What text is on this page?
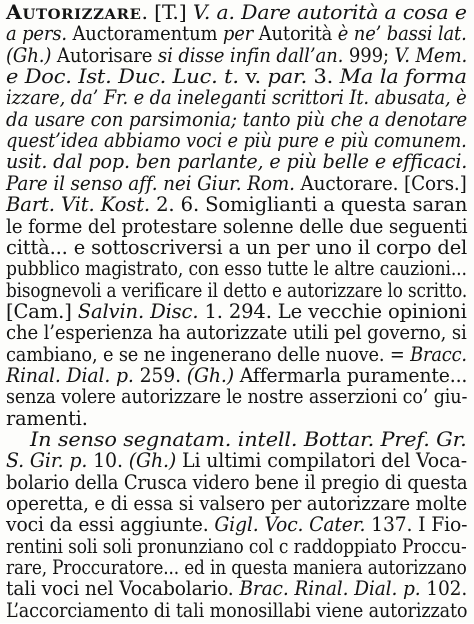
Autorizzare. [T.] V. a. Dare autorità a cosa e
a pers. Auctoramentum per Autorità è ne’ bassi lat.
(Gh.) Autorisare si disse infin dall’an. 999; V. Mem.
e Doc. Ist. Duc. Luc. t. v. par. 3. Ma la forma
izzare, da’ Fr. e da ineleganti scrittori It. abusata, è
da usare con parsimonia; tanto più che a denotare
quest’idea abbiamo voci e più pure e più comunem.
usit. dal pop. ben parlante, e più belle e efficaci.
Pare il senso aff. nei Giur. Rom. Auctorare. [Cors.]
Bart. Vit. Kost. 2. 6. Somiglianti a questa saran
le forme del protestare solenne delle due seguenti
città... e sottoscriversi a un per uno il corpo del
pubblico magistrato, con esso tutte le altre cauzioni...
bisognevoli a verificare il detto e autorizzare lo scritto.
[Cam.] Salvin. Disc. 1. 294. Le vecchie opinioni
che l’esperienza ha autorizzate utili pel governo, si
cambiano, e se ne ingenerano delle nuove. = Bracc.
Rinal. Dial. p. 259. (Gh.) Affermarla puramente...
senza volere autorizzare le nostre asserzioni co’ giu-
ramenti.
In senso segnatam. intell. Bottar. Pref. Gr.
S. Gir. p. 10. (Gh.) Li ultimi compilatori del Voca-
bolario della Crusca videro bene il pregio di questa
operetta, e di essa si valsero per autorizzare molte
voci da essi aggiunte. Gigl. Voc. Cater. 137. I Fio-
rentini soli soli pronunziano col c raddoppiato Proccu-
rare, Proccuratore... ed in questa maniera autorizzano
tali voci nel Vocabolario. Brac. Rinal. Dial. p. 102.
L’accorciamento di tali monosillabi viene autorizzato
